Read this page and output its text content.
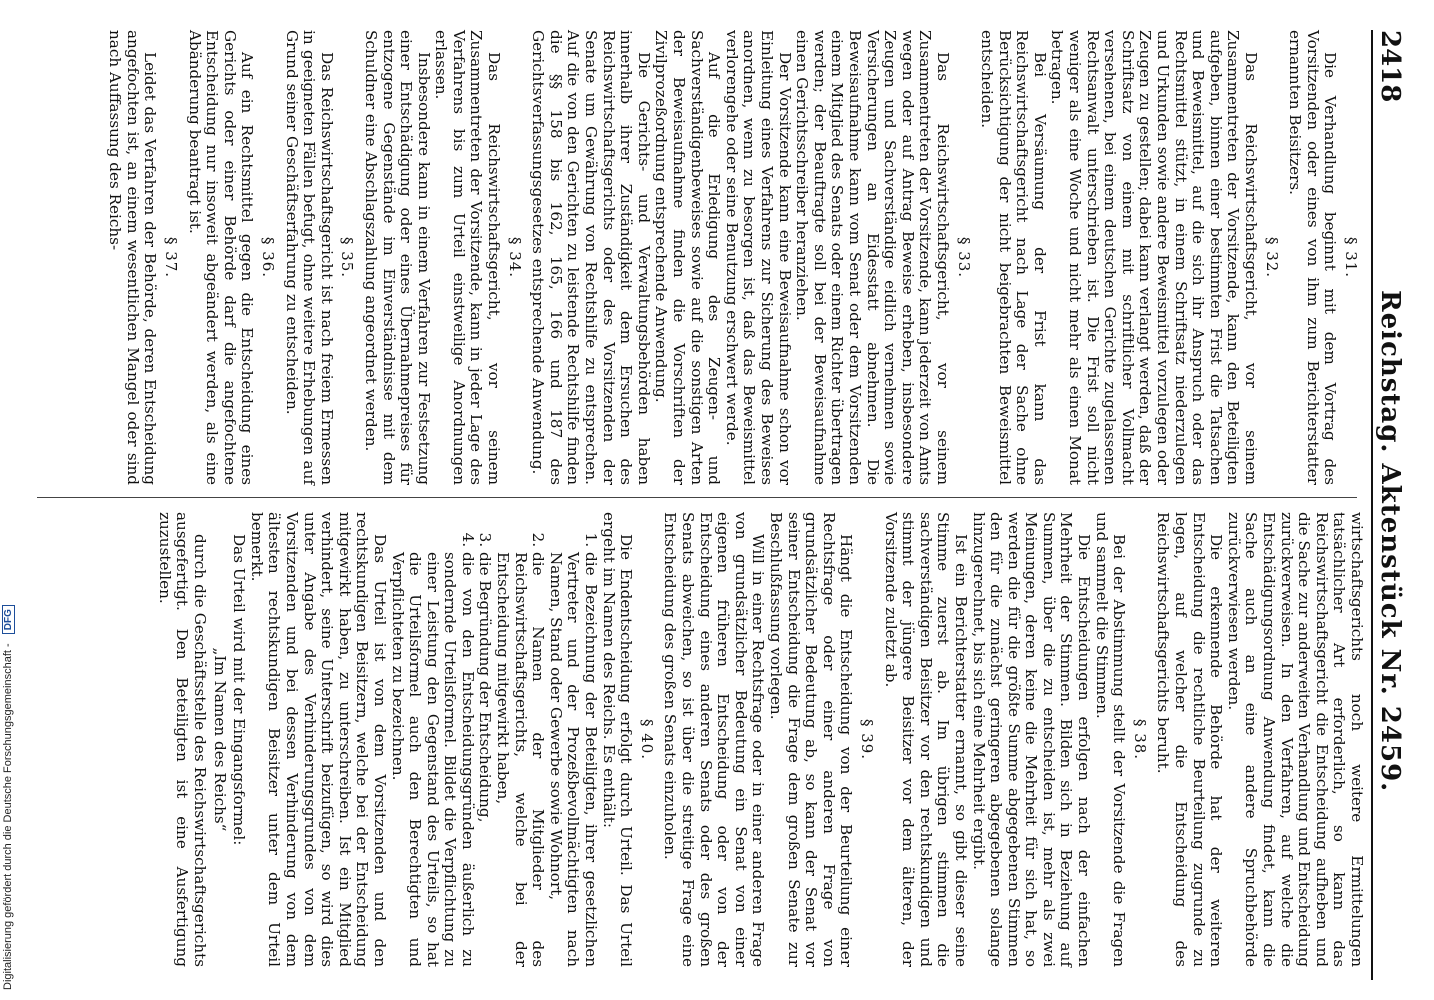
2418
Reichstag. Aktenstück Nr. 2459.
§ 31.

Die Verhandlung beginnt mit dem Vortrag des Vorsitzenden oder eines von ihm zum Berichterstatter ernannten Beisitzers.

§ 32.

Das Reichswirtschaftsgericht, vor seinem Zusammentreten der Vorsitzende, kann den Beteiligten aufgeben, binnen einer bestimmten Frist die Tatsachen und Beweismittel, auf die sich ihr Anspruch oder das Rechtsmittel stützt, in einem Schriftsatz niederzulegen und Urkunden sowie andere Beweismittel vorzulegen oder Zeugen zu gestellen; dabei kann verlangt werden, daß der Schriftsatz von einem mit schriftlicher Vollmacht versehenen, bei einem deutschen Gerichte zugelassenen Rechtsanwalt unterschrieben ist. Die Frist soll nicht weniger als eine Woche und nicht mehr als einen Monat betragen.

Bei Versäumung der Frist kann das Reichswirtschaftsgericht nach Lage der Sache ohne Berücksichtigung der nicht beigebrachten Beweismittel entscheiden.

§ 33.

Das Reichswirtschaftsgericht, vor seinem Zusammentreten der Vorsitzende, kann jederzeit von Amts wegen oder auf Antrag Beweise erheben, insbesondere Zeugen und Sachverständige eidlich vernehmen sowie Versicherungen an Eidesstatt abnehmen. Die Beweisaufnahme kann vom Senat oder dem Vorsitzenden einem Mitglied des Senats oder einem Richter übertragen werden; der Beauftragte soll bei der Beweisaufnahme einen Gerichtsschreiber heranziehen.

Der Vorsitzende kann eine Beweisaufnahme schon vor Einleitung eines Verfahrens zur Sicherung des Beweises anordnen, wenn zu besorgen ist, daß das Beweismittel verlorengehe oder seine Benutzung erschwert werde.

Auf die Erledigung des Zeugen- und Sachverständigenbeweises sowie auf die sonstigen Arten der Beweisaufnahme finden die Vorschriften der Zivilprozeßordnung entsprechende Anwendung.

Die Gerichts- und Verwaltungsbehörden haben innerhalb ihrer Zuständigkeit dem Ersuchen des Reichswirtschaftsgerichts oder des Vorsitzenden der Senate um Gewährung von Rechtshilfe zu entsprechen. Auf die von den Gerichten zu leistende Rechtshilfe finden die §§ 158 bis 162, 165, 166 und 187 des Gerichtsverfassungsgesetzes entsprechende Anwendung.

§ 34.

Das Reichswirtschaftsgericht, vor seinem Zusammentreten der Vorsitzende, kann in jeder Lage des Verfahrens bis zum Urteil einstweilige Anordnungen erlassen.

Insbesondere kann in einem Verfahren zur Festsetzung einer Entschädigung oder eines Übernahmepreises für entzogene Gegenstände im Einverständnisse mit dem Schuldner eine Abschlagszahlung angeordnet werden.

§ 35.

Das Reichswirtschaftsgericht ist nach freiem Ermessen in geeigneten Fällen befugt, ohne weitere Erhebungen auf Grund seiner Geschäftserfahrung zu entscheiden.

§ 36.

Auf ein Rechtsmittel gegen die Entscheidung eines Gerichts oder einer Behörde darf die angefochtene Entscheidung nur insoweit abgeändert werden, als eine Abänderung beantragt ist.

§ 37.

Leidet das Verfahren der Behörde, deren Entscheidung angefochten ist, an einem wesentlichen Mangel oder sind nach Auffassung des Reichs-

wirtschaftsgerichts noch weitere Ermittelungen tatsächlicher Art erforderlich, so kann das Reichswirtschaftsgericht die Entscheidung aufheben und die Sache zur anderweiten Verhandlung und Entscheidung zurückverweisen. In den Verfahren, auf welche die Entschädigungsordnung Anwendung findet, kann die Sache auch an eine andere Spruchbehörde zurückverwiesen werden.

Die erkennende Behörde hat der weiteren Entscheidung die rechtliche Beurteilung zugrunde zu legen, auf welcher die Entscheidung des Reichswirtschaftsgerichts beruht.

§ 38.

Bei der Abstimmung stellt der Vorsitzende die Fragen und sammelt die Stimmen.

Die Entscheidungen erfolgen nach der einfachen Mehrheit der Stimmen. Bilden sich in Beziehung auf Summen, über die zu entscheiden ist, mehr als zwei Meinungen, deren keine die Mehrheit für sich hat, so werden die für die größte Summe abgegebenen Stimmen den für die zunächst geringeren abgegebenen solange hinzugerechnet, bis sich eine Mehrheit ergibt.

Ist ein Berichterstatter ernannt, so gibt dieser seine Stimme zuerst ab. Im übrigen stimmen die sachverständigen Beisitzer vor den rechtskundigen und stimmt der jüngere Beisitzer vor dem älteren, der Vorsitzende zuletzt ab.

§ 39.

Hängt die Entscheidung von der Beurteilung einer Rechtsfrage oder einer anderen Frage von grundsätzlicher Bedeutung ab, so kann der Senat vor seiner Entscheidung die Frage dem großen Senate zur Beschlußfassung vorlegen.

Will in einer Rechtsfrage oder in einer anderen Frage von grundsätzlicher Bedeutung ein Senat von einer eigenen früheren Entscheidung oder von der Entscheidung eines anderen Senats oder des großen Senats abweichen, so ist über die streitige Frage eine Entscheidung des großen Senats einzuholen.

§ 40.

Die Endentscheidung erfolgt durch Urteil. Das Urteil ergeht im Namen des Reichs. Es enthält:

1. die Bezeichnung der Beteiligten, ihrer gesetzlichen Vertreter und der Prozeßbevollmächtigten nach Namen, Stand oder Gewerbe sowie Wohnort,
2. die Namen der Mitglieder des Reichswirtschaftsgerichts, welche bei der Entscheidung mitgewirkt haben,
3. die Begründung der Entscheidung,
4. die von den Entscheidungsgründen äußerlich zu sondernde Urteilsformel. Bildet die Verpflichtung zu einer Leistung den Gegenstand des Urteils, so hat die Urteilsformel auch den Berechtigten und Verpflichteten zu bezeichnen.

Das Urteil ist von dem Vorsitzenden und den rechtskundigen Beisitzern, welche bei der Entscheidung mitgewirkt haben, zu unterschreiben. Ist ein Mitglied verhindert, seine Unterschrift beizufügen, so wird dies unter Angabe des Verhinderungsgrundes von dem Vorsitzenden und bei dessen Verhinderung von dem ältesten rechtskundigen Beisitzer unter dem Urteil bemerkt.

Das Urteil wird mit der Eingangsformel:

„Im Namen des Reichs“

durch die Geschäftsstelle des Reichswirtschaftsgerichts ausgefertigt. Den Beteiligten ist eine Ausfertigung zuzustellen.

Digitalisierung gefördert durch die Deutsche Forschungsgemeinschaft - DFG
